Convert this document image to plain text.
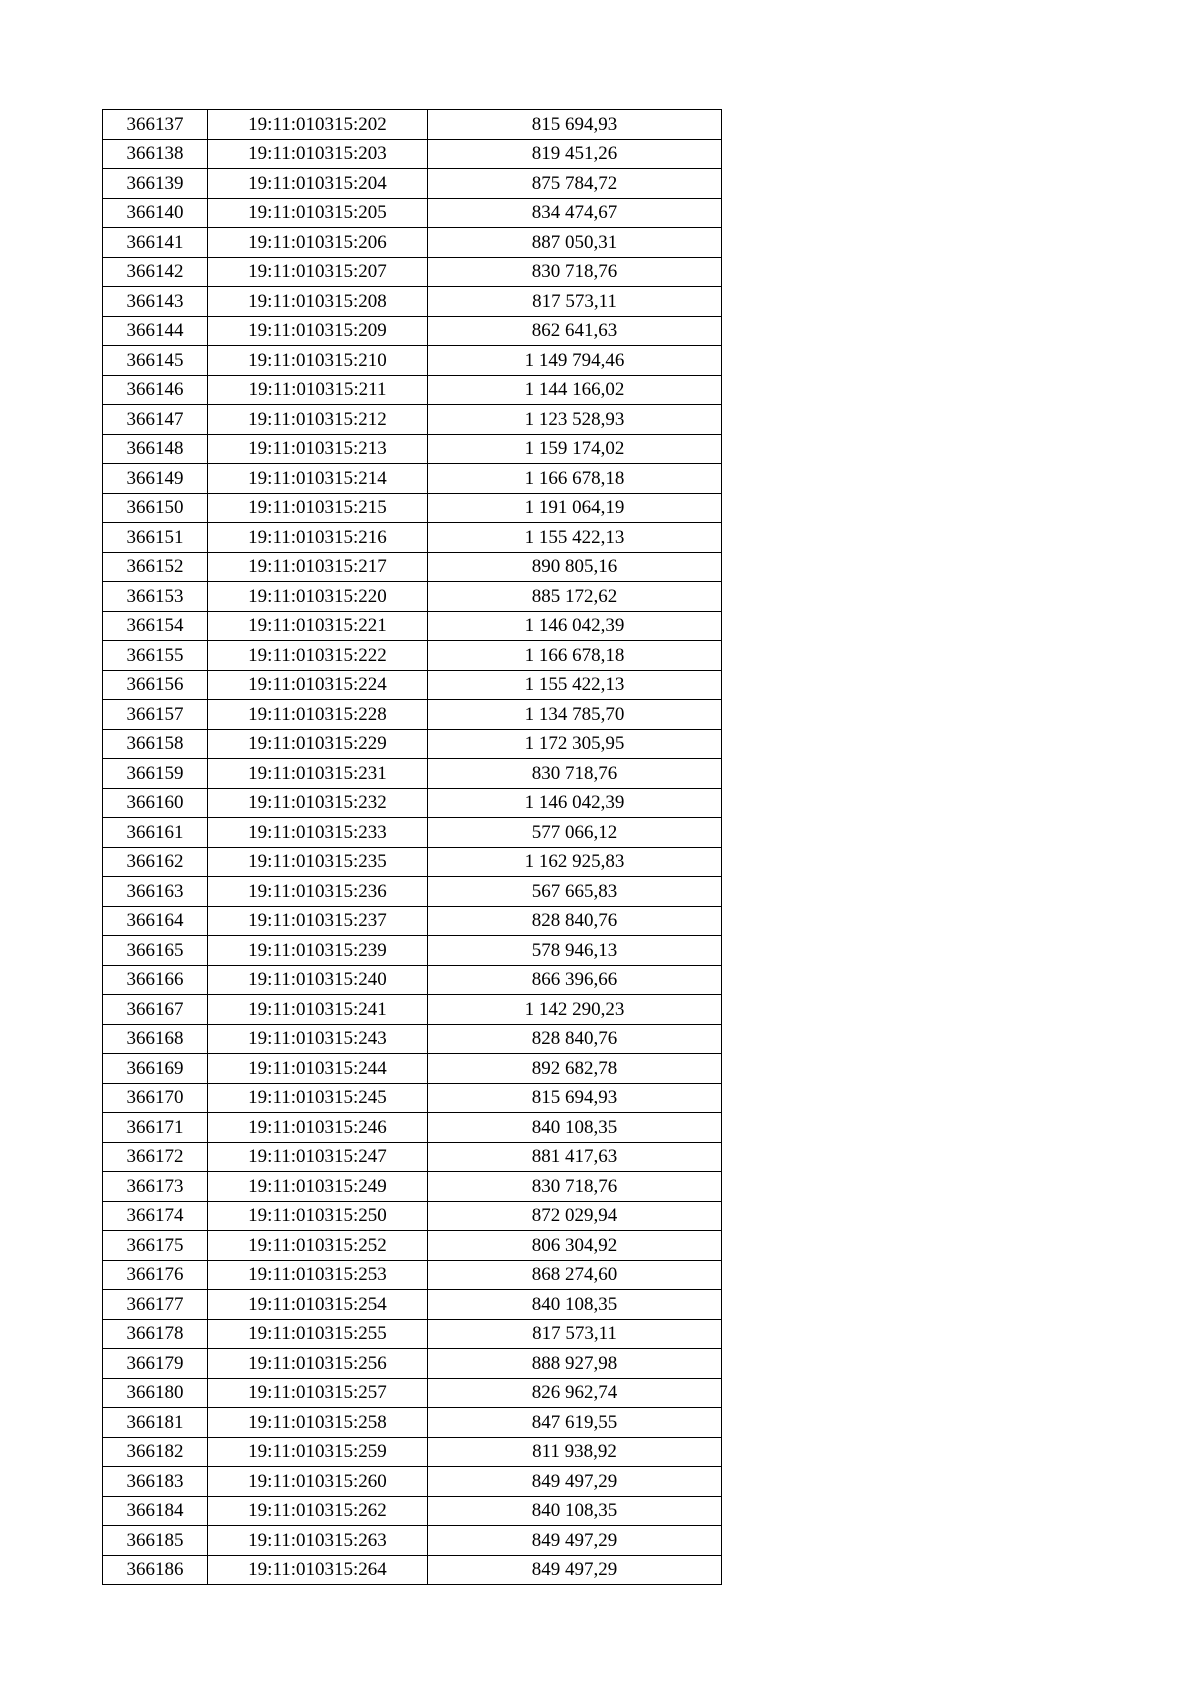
366137	19:11:010315:202	815 694,93
366138	19:11:010315:203	819 451,26
366139	19:11:010315:204	875 784,72
366140	19:11:010315:205	834 474,67
366141	19:11:010315:206	887 050,31
366142	19:11:010315:207	830 718,76
366143	19:11:010315:208	817 573,11
366144	19:11:010315:209	862 641,63
366145	19:11:010315:210	1 149 794,46
366146	19:11:010315:211	1 144 166,02
366147	19:11:010315:212	1 123 528,93
366148	19:11:010315:213	1 159 174,02
366149	19:11:010315:214	1 166 678,18
366150	19:11:010315:215	1 191 064,19
366151	19:11:010315:216	1 155 422,13
366152	19:11:010315:217	890 805,16
366153	19:11:010315:220	885 172,62
366154	19:11:010315:221	1 146 042,39
366155	19:11:010315:222	1 166 678,18
366156	19:11:010315:224	1 155 422,13
366157	19:11:010315:228	1 134 785,70
366158	19:11:010315:229	1 172 305,95
366159	19:11:010315:231	830 718,76
366160	19:11:010315:232	1 146 042,39
366161	19:11:010315:233	577 066,12
366162	19:11:010315:235	1 162 925,83
366163	19:11:010315:236	567 665,83
366164	19:11:010315:237	828 840,76
366165	19:11:010315:239	578 946,13
366166	19:11:010315:240	866 396,66
366167	19:11:010315:241	1 142 290,23
366168	19:11:010315:243	828 840,76
366169	19:11:010315:244	892 682,78
366170	19:11:010315:245	815 694,93
366171	19:11:010315:246	840 108,35
366172	19:11:010315:247	881 417,63
366173	19:11:010315:249	830 718,76
366174	19:11:010315:250	872 029,94
366175	19:11:010315:252	806 304,92
366176	19:11:010315:253	868 274,60
366177	19:11:010315:254	840 108,35
366178	19:11:010315:255	817 573,11
366179	19:11:010315:256	888 927,98
366180	19:11:010315:257	826 962,74
366181	19:11:010315:258	847 619,55
366182	19:11:010315:259	811 938,92
366183	19:11:010315:260	849 497,29
366184	19:11:010315:262	840 108,35
366185	19:11:010315:263	849 497,29
366186	19:11:010315:264	849 497,29
